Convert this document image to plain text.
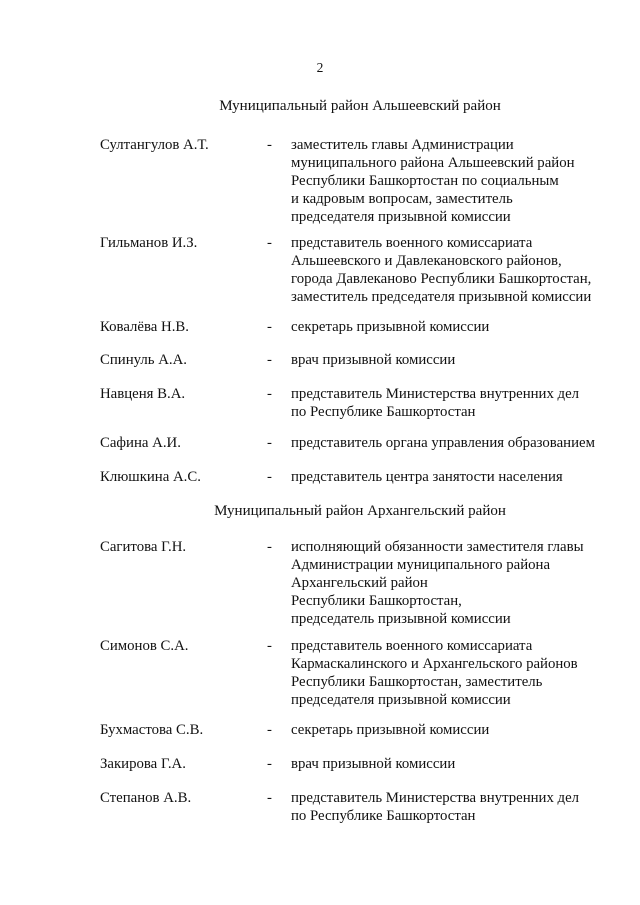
2
Муниципальный район Альшеевский район
Султангулов А.Т.	- заместитель главы Администрации
муниципального района Альшеевский район
Республики Башкортостан по социальным
и кадровым вопросам, заместитель
председателя призывной комиссии
Гильманов И.З.	- представитель военного комиссариата
Альшеевского и Давлекановского районов,
города Давлеканово Республики Башкортостан,
заместитель председателя призывной комиссии
Ковалёва Н.В.	- секретарь призывной комиссии
Спинуль А.А.	- врач призывной комиссии
Навценя В.А.	- представитель Министерства внутренних дел
по Республике Башкортостан
Сафина А.И.	- представитель органа управления образованием
Клюшкина А.С.	- представитель центра занятости населения
Муниципальный район Архангельский район
Сагитова Г.Н.	- исполняющий обязанности заместителя главы
Администрации муниципального района
Архангельский район
Республики Башкортостан,
председатель призывной комиссии
Симонов С.А.	- представитель военного комиссариата
Кармаскалинского и Архангельского районов
Республики Башкортостан, заместитель
председателя призывной комиссии
Бухмастова С.В.	- секретарь призывной комиссии
Закирова Г.А.	- врач призывной комиссии
Степанов А.В.	- представитель Министерства внутренних дел
по Республике Башкортостан
